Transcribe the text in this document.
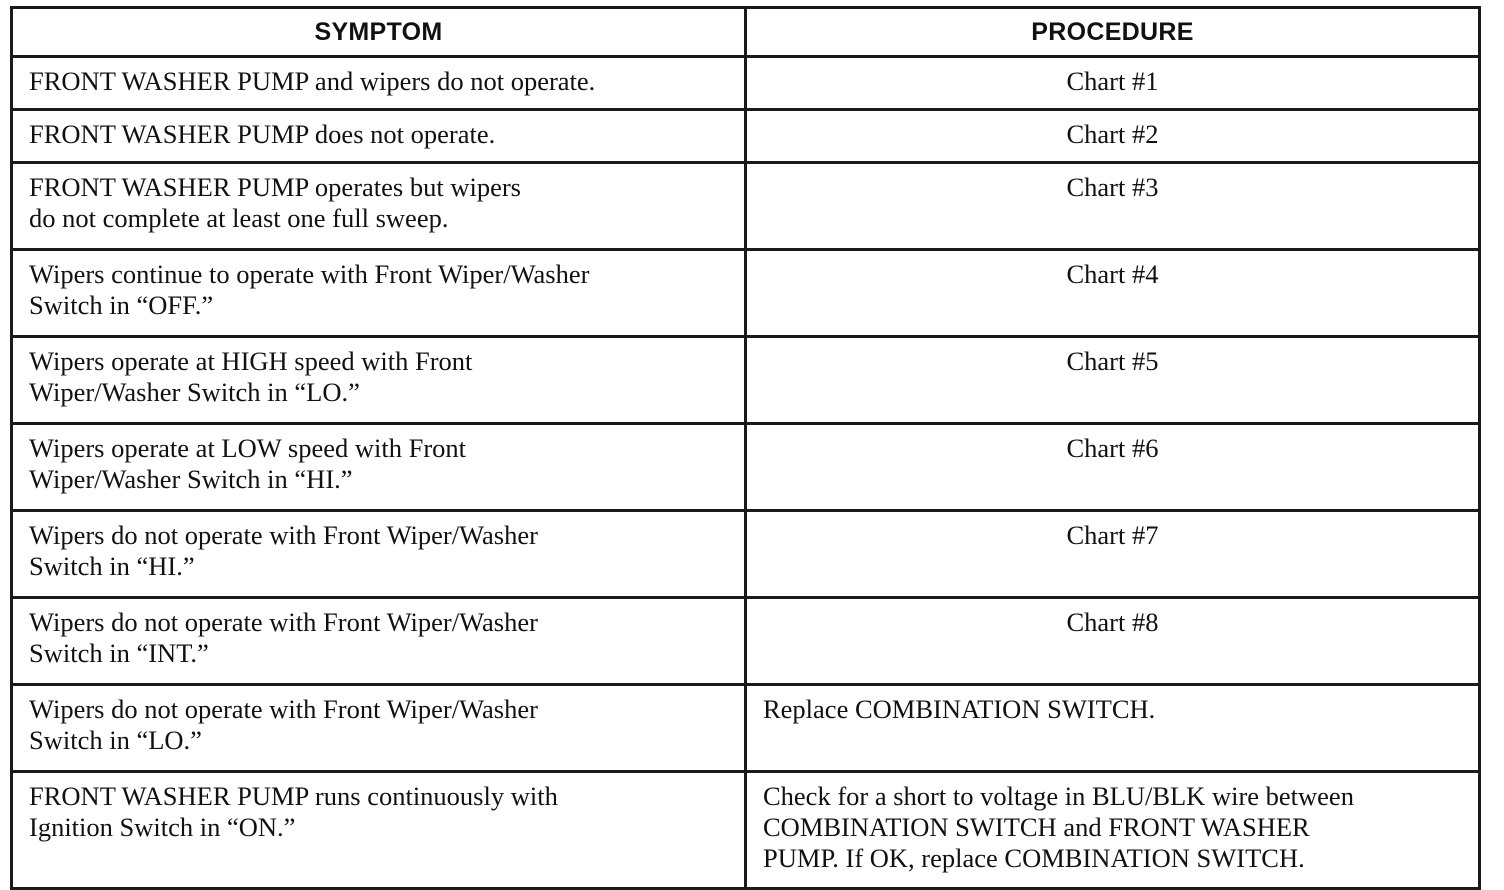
SYMPTOM	PROCEDURE
FRONT WASHER PUMP and wipers do not operate.	Chart #1
FRONT WASHER PUMP does not operate.	Chart #2
FRONT WASHER PUMP operates but wipers
do not complete at least one full sweep.	Chart #3
Wipers continue to operate with Front Wiper/Washer
Switch in “OFF.”	Chart #4
Wipers operate at HIGH speed with Front
Wiper/Washer Switch in “LO.”	Chart #5
Wipers operate at LOW speed with Front
Wiper/Washer Switch in “HI.”	Chart #6
Wipers do not operate with Front Wiper/Washer
Switch in “HI.”	Chart #7
Wipers do not operate with Front Wiper/Washer
Switch in “INT.”	Chart #8
Wipers do not operate with Front Wiper/Washer
Switch in “LO.”	Replace COMBINATION SWITCH.
FRONT WASHER PUMP runs continuously with
Ignition Switch in “ON.”	Check for a short to voltage in BLU/BLK wire between
COMBINATION SWITCH and FRONT WASHER
PUMP. If OK, replace COMBINATION SWITCH.
